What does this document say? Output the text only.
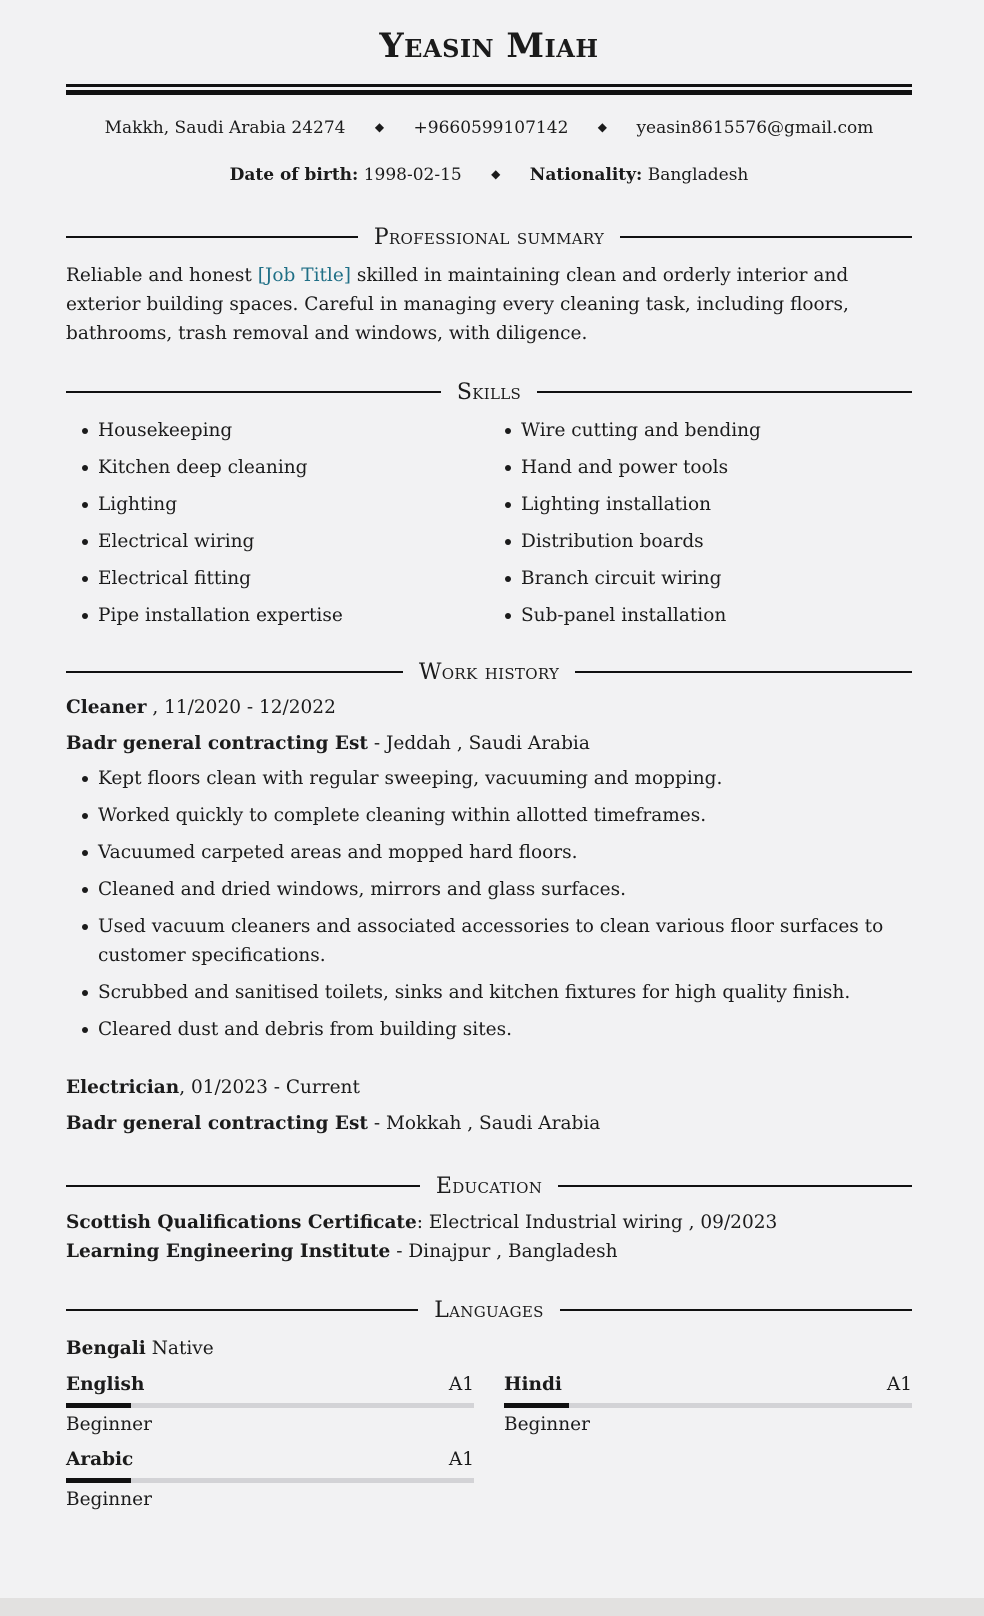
Yeasin Miah
Makkh, Saudi Arabia 24274 ◆ +9660599107142 ◆ yeasin8615576@gmail.com
Date of birth: 1998-02-15 ◆ Nationality: Bangladesh
Professional summary
Reliable and honest [Job Title] skilled in maintaining clean and orderly interior and exterior building spaces. Careful in managing every cleaning task, including floors, bathrooms, trash removal and windows, with diligence.
Skills
Housekeeping
Kitchen deep cleaning
Lighting
Electrical wiring
Electrical fitting
Pipe installation expertise
Wire cutting and bending
Hand and power tools
Lighting installation
Distribution boards
Branch circuit wiring
Sub-panel installation
Work history
Cleaner , 11/2020 - 12/2022
Badr general contracting Est - Jeddah , Saudi Arabia
Kept floors clean with regular sweeping, vacuuming and mopping.
Worked quickly to complete cleaning within allotted timeframes.
Vacuumed carpeted areas and mopped hard floors.
Cleaned and dried windows, mirrors and glass surfaces.
Used vacuum cleaners and associated accessories to clean various floor surfaces to customer specifications.
Scrubbed and sanitised toilets, sinks and kitchen fixtures for high quality finish.
Cleared dust and debris from building sites.
Electrician, 01/2023 - Current
Badr general contracting Est - Mokkah , Saudi Arabia
Education
Scottish Qualifications Certificate: Electrical Industrial wiring , 09/2023
Learning Engineering Institute - Dinajpur , Bangladesh
Languages
Bengali Native
English	A1
Beginner
Hindi	A1
Beginner
Arabic	A1
Beginner
